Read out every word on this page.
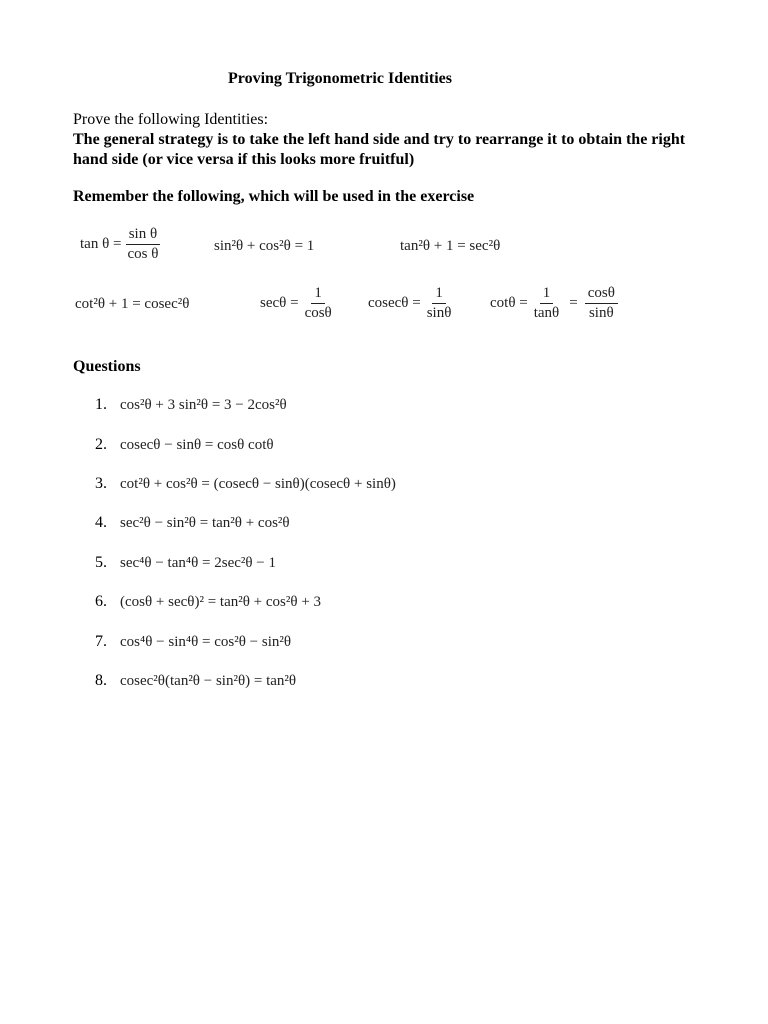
Proving Trigonometric Identities
Prove the following Identities:
The general strategy is to take the left hand side and try to rearrange it to obtain the right hand side (or vice versa if this looks more fruitful)
Remember the following, which will be used in the exercise
$\tan \theta = \frac{\text{sin θ}}{\text{cos θ}}$	sin²θ + cos²θ = 1	tan²θ + 1 = sec²θ
cot²θ + 1 = cosec²θ	$\sec\theta = \frac{1}{\cos\theta}$ $cosec\theta = \frac{1}{\sin\theta}$ $\cot\theta = \frac{1}{\tan\theta} = \frac{\cos\theta}{\sin\theta}$
Questions
1. cos²θ + 3 sin²θ = 3 − 2cos²θ
2. cosecθ − sinθ = cosθ cotθ
3. cot²θ + cos²θ = (cosecθ − sinθ)(cosecθ + sinθ)
4. sec²θ − sin²θ = tan²θ + cos²θ
5. sec⁴θ − tan⁴θ = 2sec²θ − 1
6. (cosθ + secθ)² = tan²θ + cos²θ + 3
7. cos⁴θ − sin⁴θ = cos²θ − sin²θ
8. cosec²θ(tan²θ − sin²θ) = tan²θ
